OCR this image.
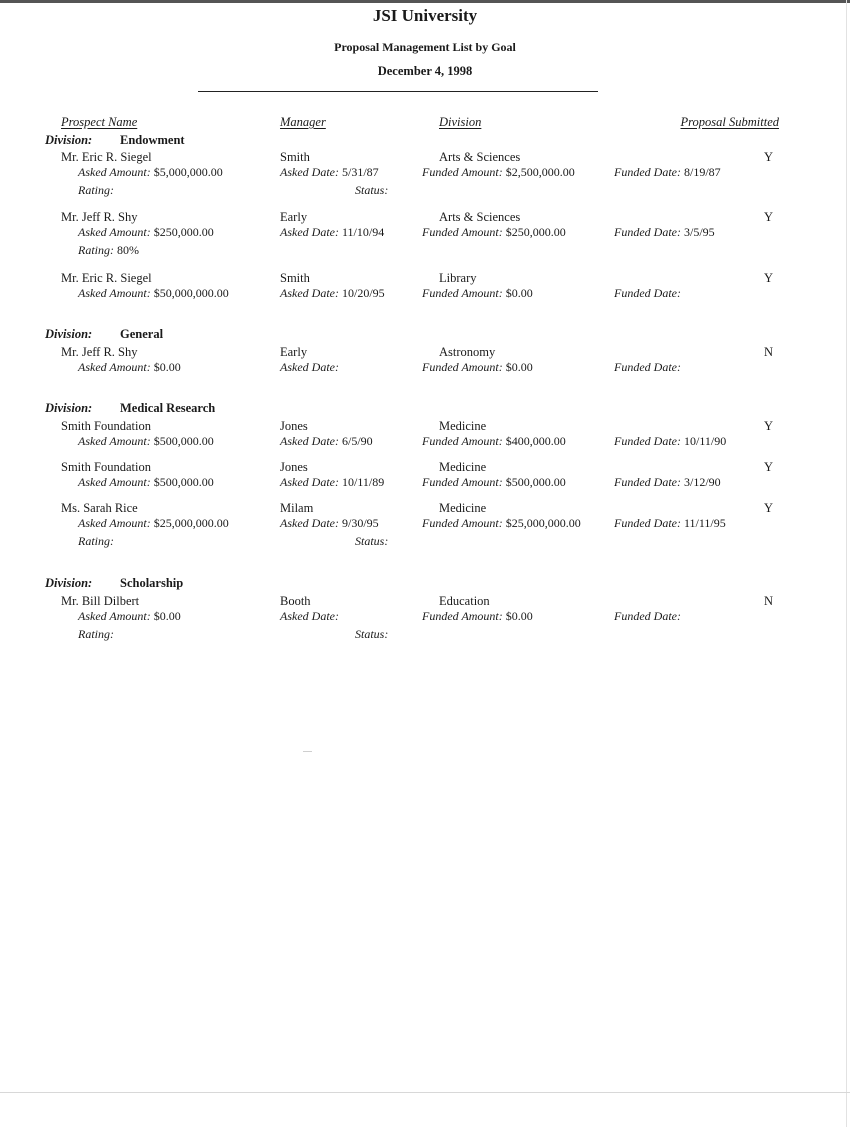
JSI University
Proposal Management List by Goal
December 4, 1998
Prospect Name	Manager	Division	Proposal Submitted
Division: Endowment
Mr. Eric R. Siegel	Smith	Arts & Sciences	Y
Asked Amount: $5,000,000.00	Asked Date: 5/31/87	Funded Amount: $2,500,000.00	Funded Date: 8/19/87
Rating:	Status:
Mr. Jeff R. Shy	Early	Arts & Sciences	Y
Asked Amount: $250,000.00	Asked Date: 11/10/94	Funded Amount: $250,000.00	Funded Date: 3/5/95
Rating: 80%
Mr. Eric R. Siegel	Smith	Library	Y
Asked Amount: $50,000,000.00	Asked Date: 10/20/95	Funded Amount: $0.00	Funded Date:
Division: General
Mr. Jeff R. Shy	Early	Astronomy	N
Asked Amount: $0.00	Asked Date:	Funded Amount: $0.00	Funded Date:
Division: Medical Research
Smith Foundation	Jones	Medicine	Y
Asked Amount: $500,000.00	Asked Date: 6/5/90	Funded Amount: $400,000.00	Funded Date: 10/11/90
Smith Foundation	Jones	Medicine	Y
Asked Amount: $500,000.00	Asked Date: 10/11/89	Funded Amount: $500,000.00	Funded Date: 3/12/90
Ms. Sarah Rice	Milam	Medicine	Y
Asked Amount: $25,000,000.00	Asked Date: 9/30/95	Funded Amount: $25,000,000.00	Funded Date: 11/11/95
Rating:	Status:
Division: Scholarship
Mr. Bill Dilbert	Booth	Education	N
Asked Amount: $0.00	Asked Date:	Funded Amount: $0.00	Funded Date:
Rating:	Status:
